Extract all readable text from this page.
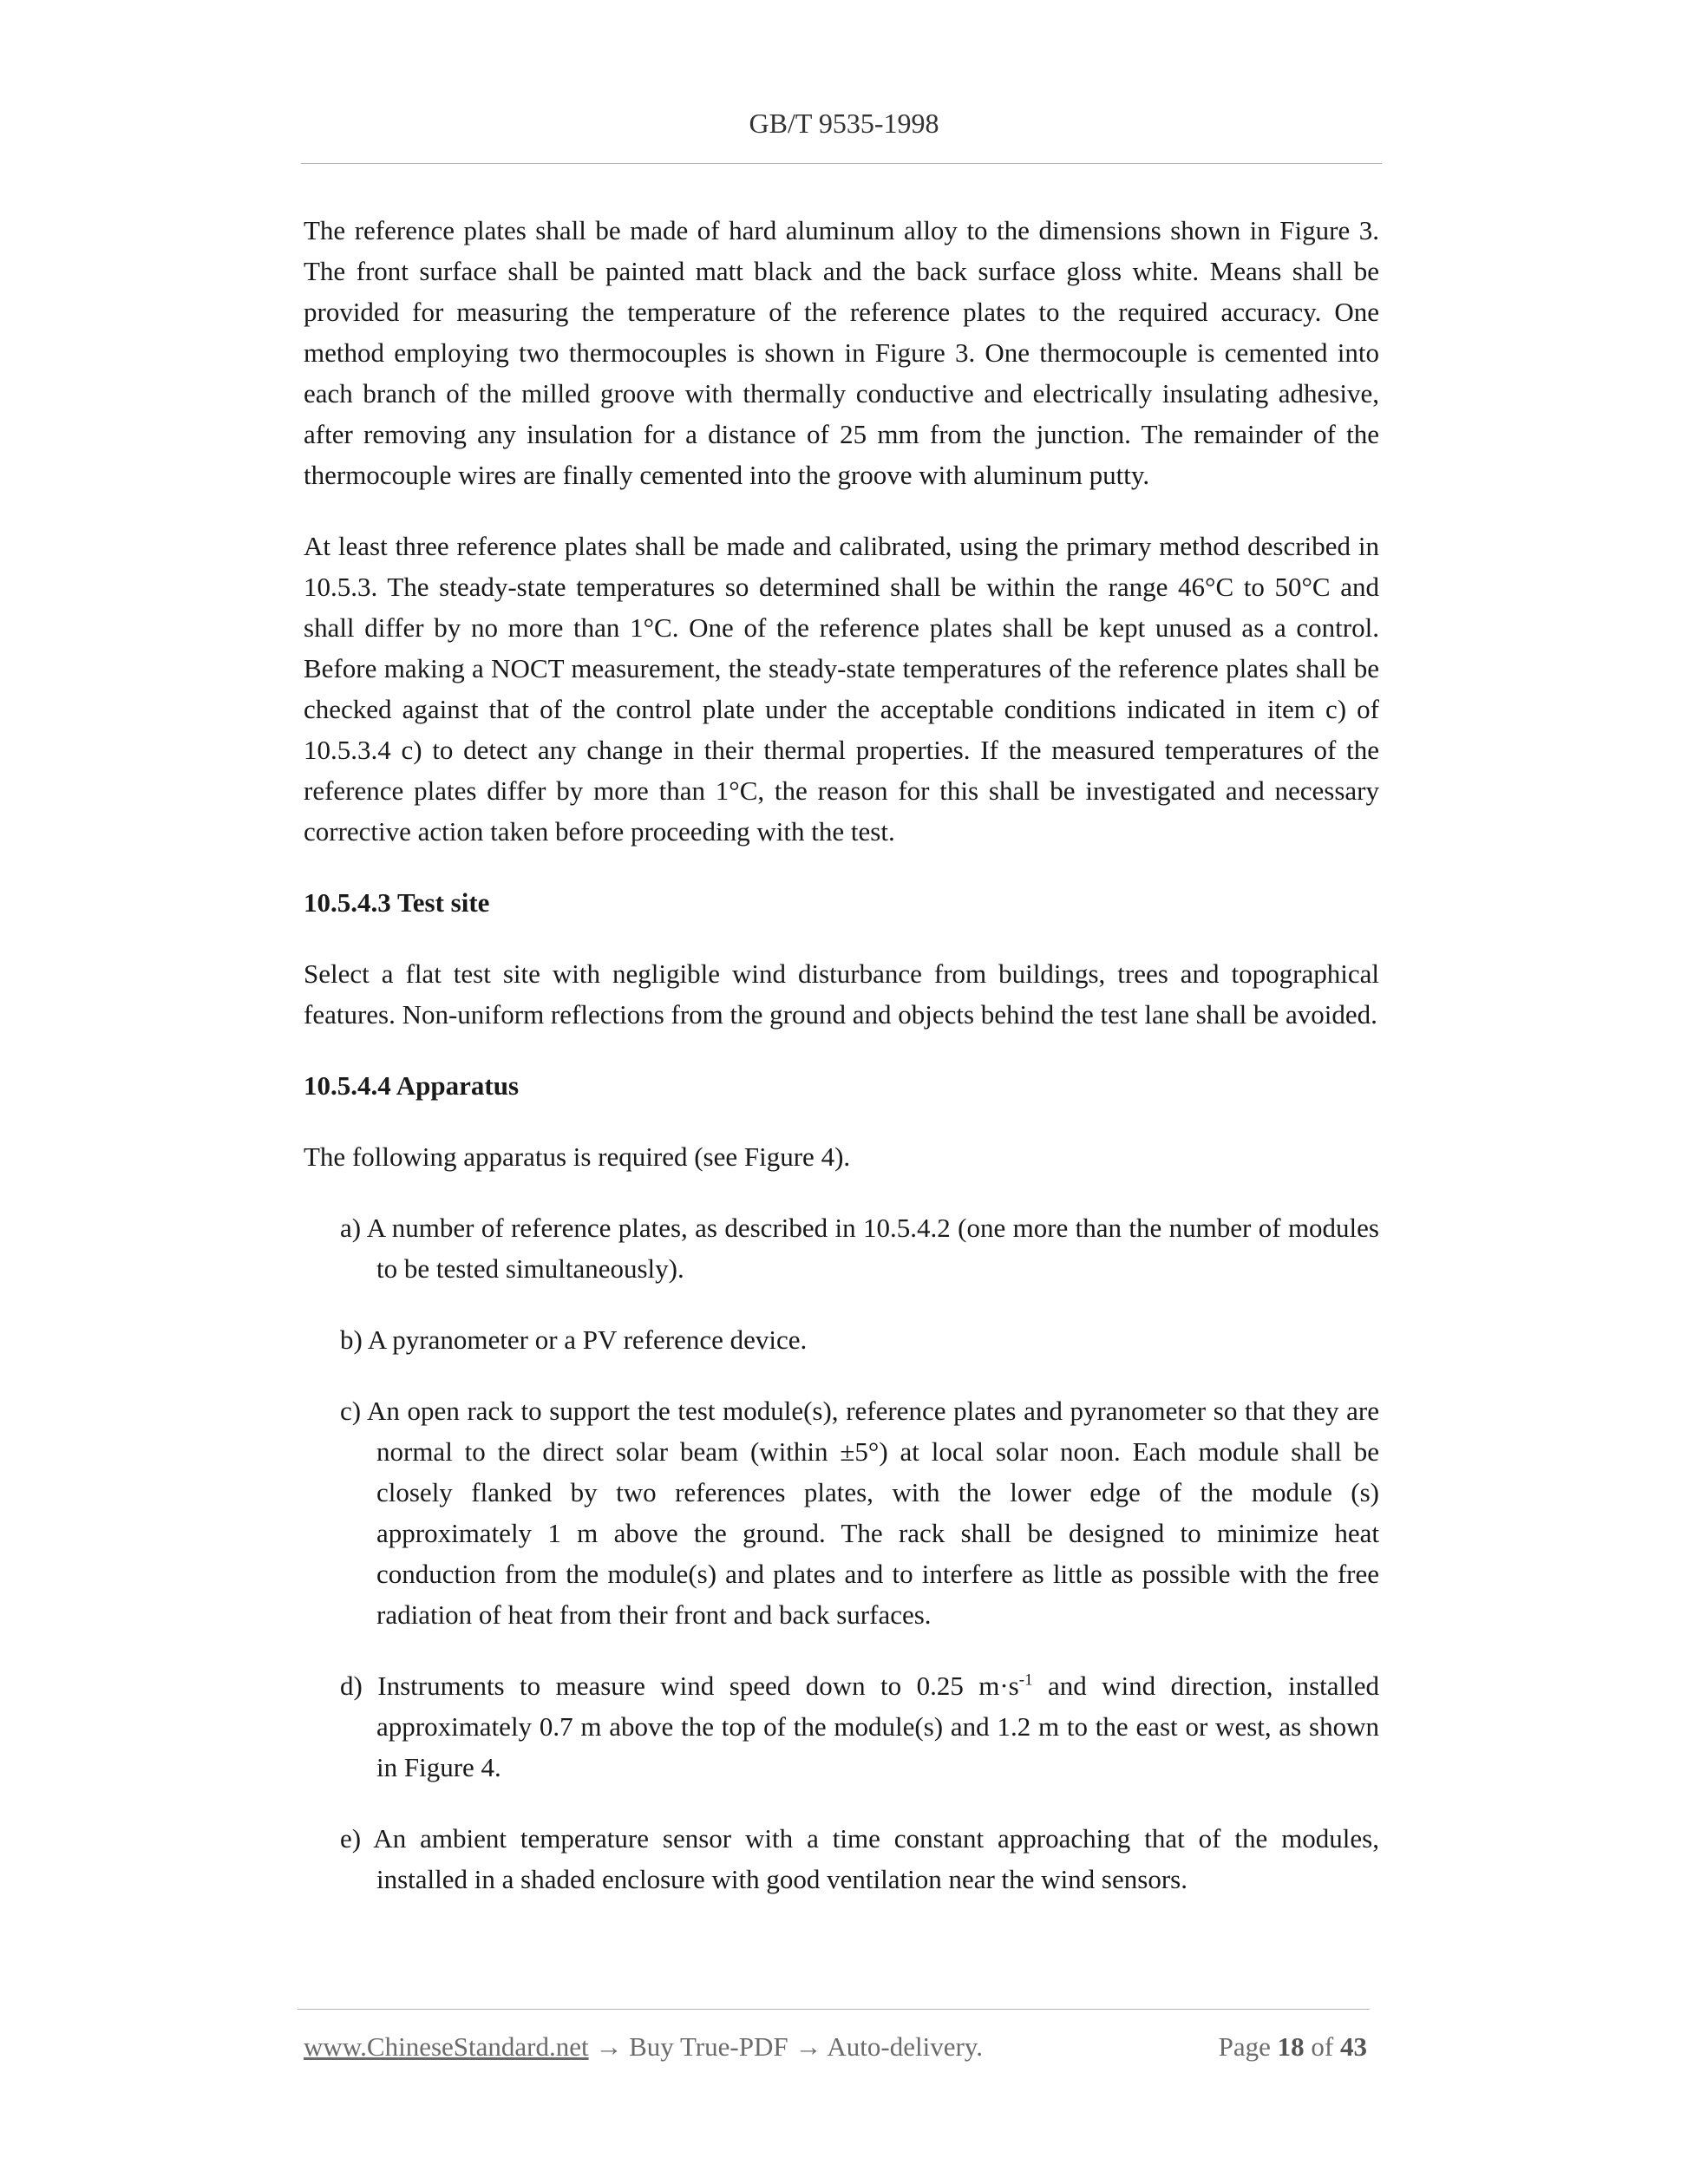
GB/T 9535-1998

The reference plates shall be made of hard aluminum alloy to the dimensions shown in Figure 3. The front surface shall be painted matt black and the back surface gloss white. Means shall be provided for measuring the temperature of the reference plates to the required accuracy. One method employing two thermocouples is shown in Figure 3. One thermocouple is cemented into each branch of the milled groove with thermally conductive and electrically insulating adhesive, after removing any insulation for a distance of 25 mm from the junction. The remainder of the thermocouple wires are finally cemented into the groove with aluminum putty.

At least three reference plates shall be made and calibrated, using the primary method described in 10.5.3. The steady-state temperatures so determined shall be within the range 46°C to 50°C and shall differ by no more than 1°C. One of the reference plates shall be kept unused as a control. Before making a NOCT measurement, the steady-state temperatures of the reference plates shall be checked against that of the control plate under the acceptable conditions indicated in item c) of 10.5.3.4 c) to detect any change in their thermal properties. If the measured temperatures of the reference plates differ by more than 1°C, the reason for this shall be investigated and necessary corrective action taken before proceeding with the test.

10.5.4.3 Test site

Select a flat test site with negligible wind disturbance from buildings, trees and topographical features. Non-uniform reflections from the ground and objects behind the test lane shall be avoided.

10.5.4.4 Apparatus

The following apparatus is required (see Figure 4).

a) A number of reference plates, as described in 10.5.4.2 (one more than the number of modules to be tested simultaneously).

b) A pyranometer or a PV reference device.

c) An open rack to support the test module(s), reference plates and pyranometer so that they are normal to the direct solar beam (within ±5°) at local solar noon. Each module shall be closely flanked by two references plates, with the lower edge of the module (s) approximately 1 m above the ground. The rack shall be designed to minimize heat conduction from the module(s) and plates and to interfere as little as possible with the free radiation of heat from their front and back surfaces.

d) Instruments to measure wind speed down to 0.25 $m\cdot s^{-1}$ and wind direction, installed approximately 0.7 m above the top of the module(s) and 1.2 m to the east or west, as shown in Figure 4.

e) An ambient temperature sensor with a time constant approaching that of the modules, installed in a shaded enclosure with good ventilation near the wind sensors.

www.ChineseStandard.net → Buy True-PDF → Auto-delivery.	Page 18 of 43
